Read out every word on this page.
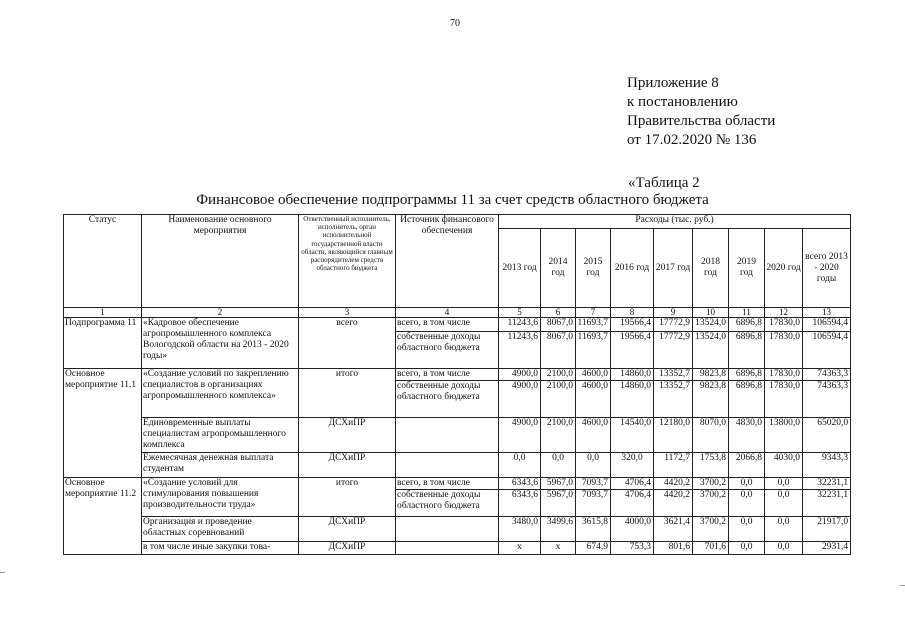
70
Приложение 8
к постановлению
Правительства области
от 17.02.2020 № 136
«Таблица 2
Финансовое обеспечение подпрограммы 11 за счет средств областного бюджета
Статус	Наименование основного мероприятия	Ответственный исполнитель, исполнитель, орган исполнительной государственной власти области, являющийся главным распорядителем средств областного бюджета	Источник финансового обеспечения	Расходы (тыс. руб.)								
				2013 год	2014 год	2015 год	2016 год	2017 год	2018 год	2019 год	2020 год	всего 2013 - 2020 годы
1	2	3	4	5	6	7	8	9	10	11	12	13
Подпрограмма 11	«Кадровое обеспечение агропромышленного комплекса Вологодской области на 2013 - 2020 годы»	всего	всего, в том числе	11243,6	8067,0	11693,7	19566,4	17772,9	13524,0	6896,8	17830,0	106594,4
			собственные доходы областного бюджета	11243,6	8067,0	11693,7	19566,4	17772,9	13524,0	6896,8	17830,0	106594,4
Основное мероприятие 11.1	«Создание условий по закреплению специалистов в организациях агропромышленного комплекса»	итого	всего, в том числе	4900,0	2100,0	4600,0	14860,0	13352,7	9823,8	6896,8	17830,0	74363,3
			собственные доходы областного бюджета	4900,0	2100,0	4600,0	14860,0	13352,7	9823,8	6896,8	17830,0	74363,3
	Единовременные выплаты специалистам агропромышленного комплекса	ДСХиПР		4900,0	2100,0	4600,0	14540,0	12180,0	8070,0	4830,0	13800,0	65020,0
	Ежемесячная денежная выплата студентам	ДСХиПР		0,0	0,0	0,0	320,0	1172,7	1753,8	2066,8	4030,0	9343,3
Основное мероприятие 11.2	«Создание условий для стимулирования повышения производительности труда»	итого	всего, в том числе	6343,6	5967,0	7093,7	4706,4	4420,2	3700,2	0,0	0,0	32231,1
			собственные доходы областного бюджета	6343,6	5967,0	7093,7	4706,4	4420,2	3700,2	0,0	0,0	32231,1
	Организация и проведение областных соревнований	ДСХиПР		3480,0	3499,6	3615,8	4000,0	3621,4	3700,2	0,0	0,0	21917,0
	в том числе иные закупки това-	ДСХиПР		х	х	674,9	753,3	801,6	701,6	0,0	0,0	2931,4
